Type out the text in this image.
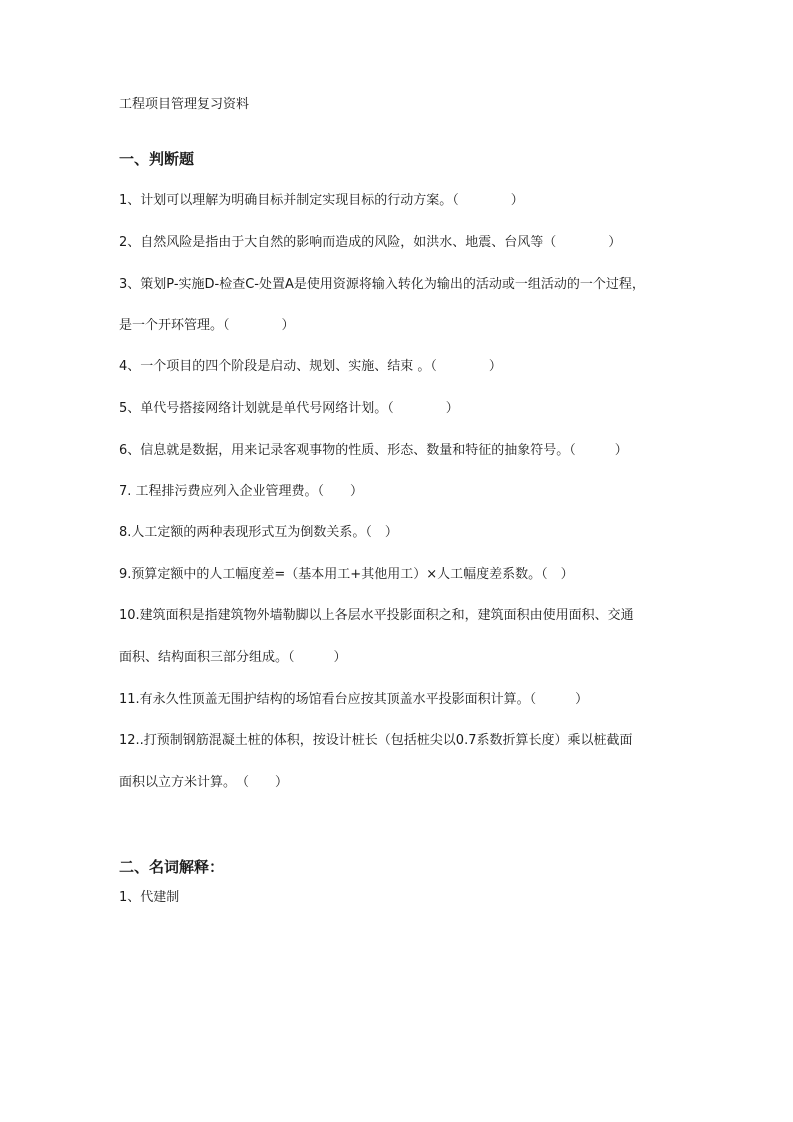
工程项目管理复习资料
一、判断题
1、计划可以理解为明确目标并制定实现目标的行动方案。（　　　　）
2、自然风险是指由于大自然的影响而造成的风险，如洪水、地震、台风等（　　　　）
3、策划P-实施D-检查C-处置A是使用资源将输入转化为输出的活动或一组活动的一个过程，
是一个开环管理。（　　　　）
4、一个项目的四个阶段是启动、规划、实施、结束 。（　　　　）
5、单代号搭接网络计划就是单代号网络计划。（　　　　）
6、信息就是数据，用来记录客观事物的性质、形态、数量和特征的抽象符号。（　　　）
7. 工程排污费应列入企业管理费。（　　）
8.人工定额的两种表现形式互为倒数关系。（　）
9.预算定额中的人工幅度差=（基本用工+其他用工）×人工幅度差系数。（　）
10.建筑面积是指建筑物外墙勒脚以上各层水平投影面积之和，建筑面积由使用面积、交通
面积、结构面积三部分组成。（　　　）
11.有永久性顶盖无围护结构的场馆看台应按其顶盖水平投影面积计算。（　　　）
12..打预制钢筋混凝土桩的体积，按设计桩长（包括桩尖以0.7系数折算长度）乘以桩截面
面积以立方米计算。　（　　）
二、名词解释：
1、代建制
